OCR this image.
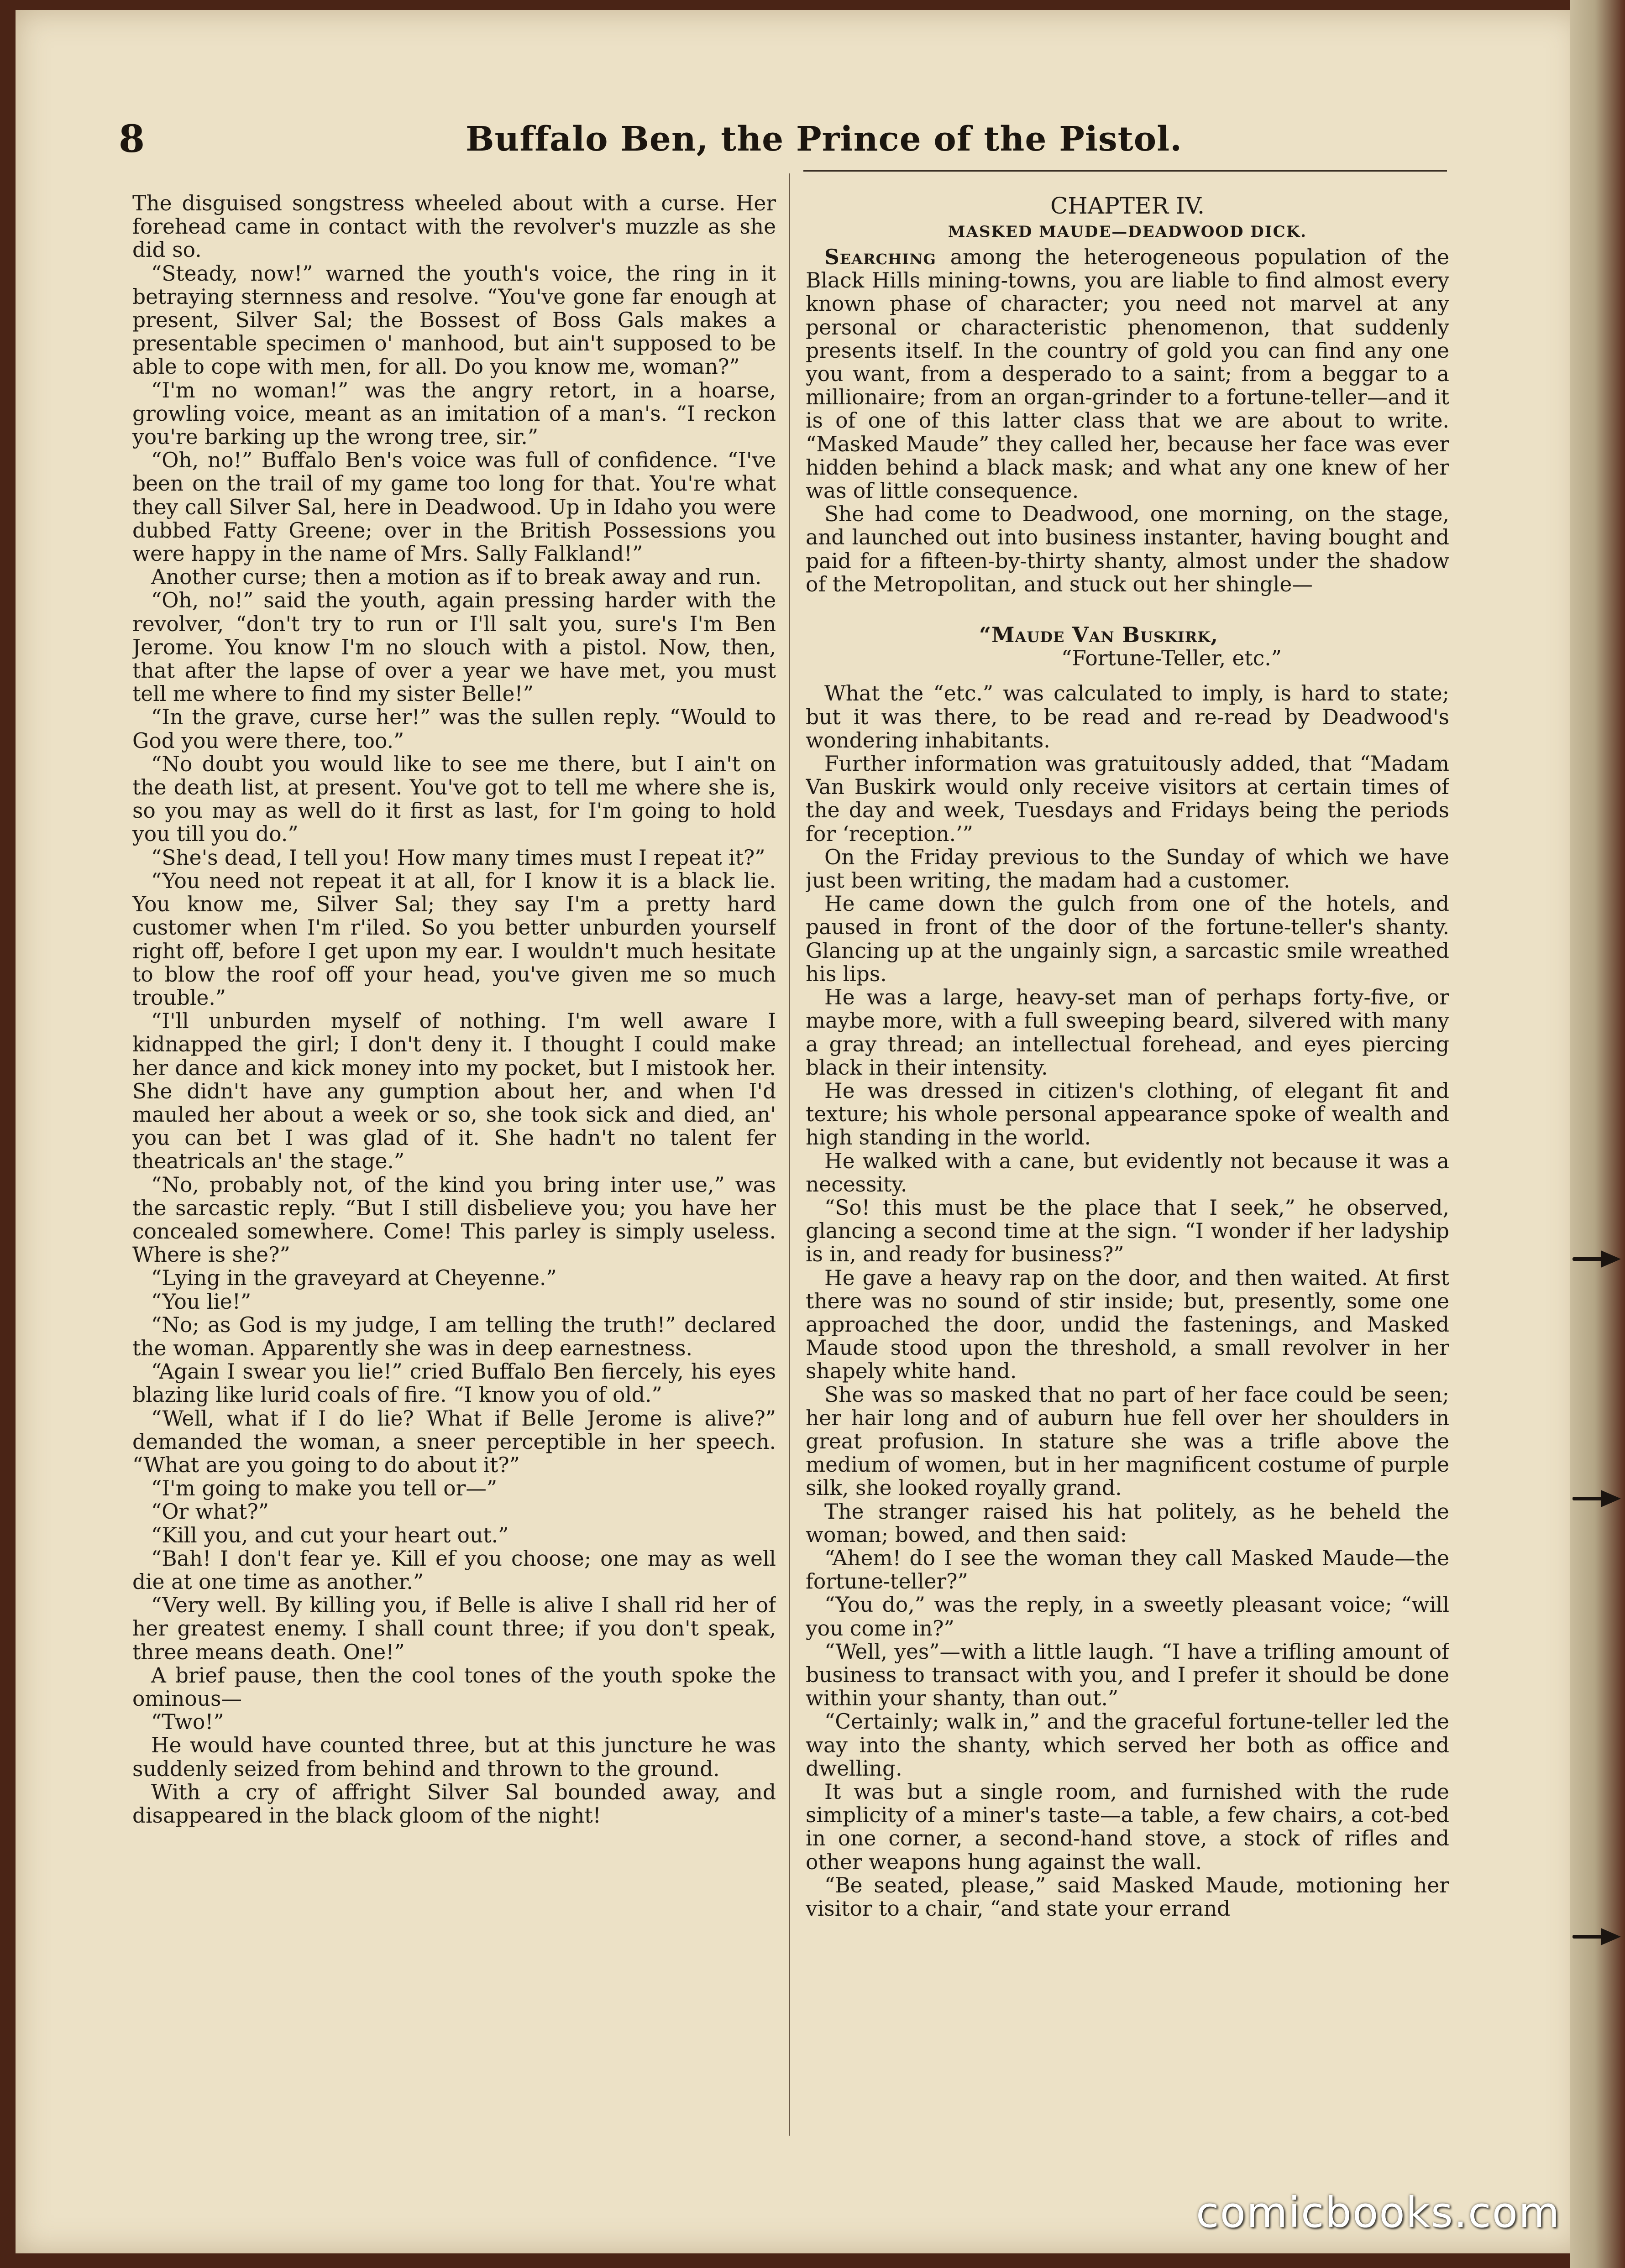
8	Buffalo Ben, the Prince of the Pistol.

The disguised songstress wheeled about with a curse. Her forehead came in contact with the revolver's muzzle as she did so.

“Steady, now!” warned the youth's voice, the ring in it betraying sternness and resolve. “You've gone far enough at present, Silver Sal; the Bossest of Boss Gals makes a presentable specimen o' manhood, but ain't supposed to be able to cope with men, for all. Do you know me, woman?”

“I'm no woman!” was the angry retort, in a hoarse, growling voice, meant as an imitation of a man's. “I reckon you're barking up the wrong tree, sir.”

“Oh, no!” Buffalo Ben's voice was full of confidence. “I've been on the trail of my game too long for that. You're what they call Silver Sal, here in Deadwood. Up in Idaho you were dubbed Fatty Greene; over in the British Possessions you were happy in the name of Mrs. Sally Falkland!”

Another curse; then a motion as if to break away and run.

“Oh, no!” said the youth, again pressing harder with the revolver, “don't try to run or I'll salt you, sure's I'm Ben Jerome. You know I'm no slouch with a pistol. Now, then, that after the lapse of over a year we have met, you must tell me where to find my sister Belle!”

“In the grave, curse her!” was the sullen reply. “Would to God you were there, too.”

“No doubt you would like to see me there, but I ain't on the death list, at present. You've got to tell me where she is, so you may as well do it first as last, for I'm going to hold you till you do.”

“She's dead, I tell you! How many times must I repeat it?”

“You need not repeat it at all, for I know it is a black lie. You know me, Silver Sal; they say I'm a pretty hard customer when I'm r'iled. So you better unburden yourself right off, before I get upon my ear. I wouldn't much hesitate to blow the roof off your head, you've given me so much trouble.”

“I'll unburden myself of nothing. I'm well aware I kidnapped the girl; I don't deny it. I thought I could make her dance and kick money into my pocket, but I mistook her. She didn't have any gumption about her, and when I'd mauled her about a week or so, she took sick and died, an' you can bet I was glad of it. She hadn't no talent fer theatricals an' the stage.”

“No, probably not, of the kind you bring inter use,” was the sarcastic reply. “But I still disbelieve you; you have her concealed somewhere. Come! This parley is simply useless. Where is she?”

“Lying in the graveyard at Cheyenne.”

“You lie!”

“No; as God is my judge, I am telling the truth!” declared the woman. Apparently she was in deep earnestness.

“Again I swear you lie!” cried Buffalo Ben fiercely, his eyes blazing like lurid coals of fire. “I know you of old.”

“Well, what if I do lie? What if Belle Jerome is alive?” demanded the woman, a sneer perceptible in her speech. “What are you going to do about it?”

“I'm going to make you tell or—”

“Or what?”

“Kill you, and cut your heart out.”

“Bah! I don't fear ye. Kill ef you choose; one may as well die at one time as another.”

“Very well. By killing you, if Belle is alive I shall rid her of her greatest enemy. I shall count three; if you don't speak, three means death. One!”

A brief pause, then the cool tones of the youth spoke the ominous—

“Two!”

He would have counted three, but at this juncture he was suddenly seized from behind and thrown to the ground.

With a cry of affright Silver Sal bounded away, and disappeared in the black gloom of the night!

CHAPTER IV.

MASKED MAUDE—DEADWOOD DICK.

Searching among the heterogeneous population of the Black Hills mining-towns, you are liable to find almost every known phase of character; you need not marvel at any personal or characteristic phenomenon, that suddenly presents itself. In the country of gold you can find any one you want, from a desperado to a saint; from a beggar to a millionaire; from an organ-grinder to a fortune-teller—and it is of one of this latter class that we are about to write. “Masked Maude” they called her, because her face was ever hidden behind a black mask; and what any one knew of her was of little consequence.

She had come to Deadwood, one morning, on the stage, and launched out into business instanter, having bought and paid for a fifteen-by-thirty shanty, almost under the shadow of the Metropolitan, and stuck out her shingle—

“Maude Van Buskirk,

“Fortune-Teller, etc.”

What the “etc.” was calculated to imply, is hard to state; but it was there, to be read and re-read by Deadwood's wondering inhabitants.

Further information was gratuitously added, that “Madam Van Buskirk would only receive visitors at certain times of the day and week, Tuesdays and Fridays being the periods for ‘reception.’”

On the Friday previous to the Sunday of which we have just been writing, the madam had a customer.

He came down the gulch from one of the hotels, and paused in front of the door of the fortune-teller's shanty. Glancing up at the ungainly sign, a sarcastic smile wreathed his lips.

He was a large, heavy-set man of perhaps forty-five, or maybe more, with a full sweeping beard, silvered with many a gray thread; an intellectual forehead, and eyes piercing black in their intensity.

He was dressed in citizen's clothing, of elegant fit and texture; his whole personal appearance spoke of wealth and high standing in the world.

He walked with a cane, but evidently not because it was a necessity.

“So! this must be the place that I seek,” he observed, glancing a second time at the sign. “I wonder if her ladyship is in, and ready for business?”

He gave a heavy rap on the door, and then waited. At first there was no sound of stir inside; but, presently, some one approached the door, undid the fastenings, and Masked Maude stood upon the threshold, a small revolver in her shapely white hand.

She was so masked that no part of her face could be seen; her hair long and of auburn hue fell over her shoulders in great profusion. In stature she was a trifle above the medium of women, but in her magnificent costume of purple silk, she looked royally grand.

The stranger raised his hat politely, as he beheld the woman; bowed, and then said:

“Ahem! do I see the woman they call Masked Maude—the fortune-teller?”

“You do,” was the reply, in a sweetly pleasant voice; “will you come in?”

“Well, yes”—with a little laugh. “I have a trifling amount of business to transact with you, and I prefer it should be done within your shanty, than out.”

“Certainly; walk in,” and the graceful fortune-teller led the way into the shanty, which served her both as office and dwelling.

It was but a single room, and furnished with the rude simplicity of a miner's taste—a table, a few chairs, a cot-bed in one corner, a second-hand stove, a stock of rifles and other weapons hung against the wall.

“Be seated, please,” said Masked Maude, motioning her visitor to a chair, “and state your errand

comicbooks.com
